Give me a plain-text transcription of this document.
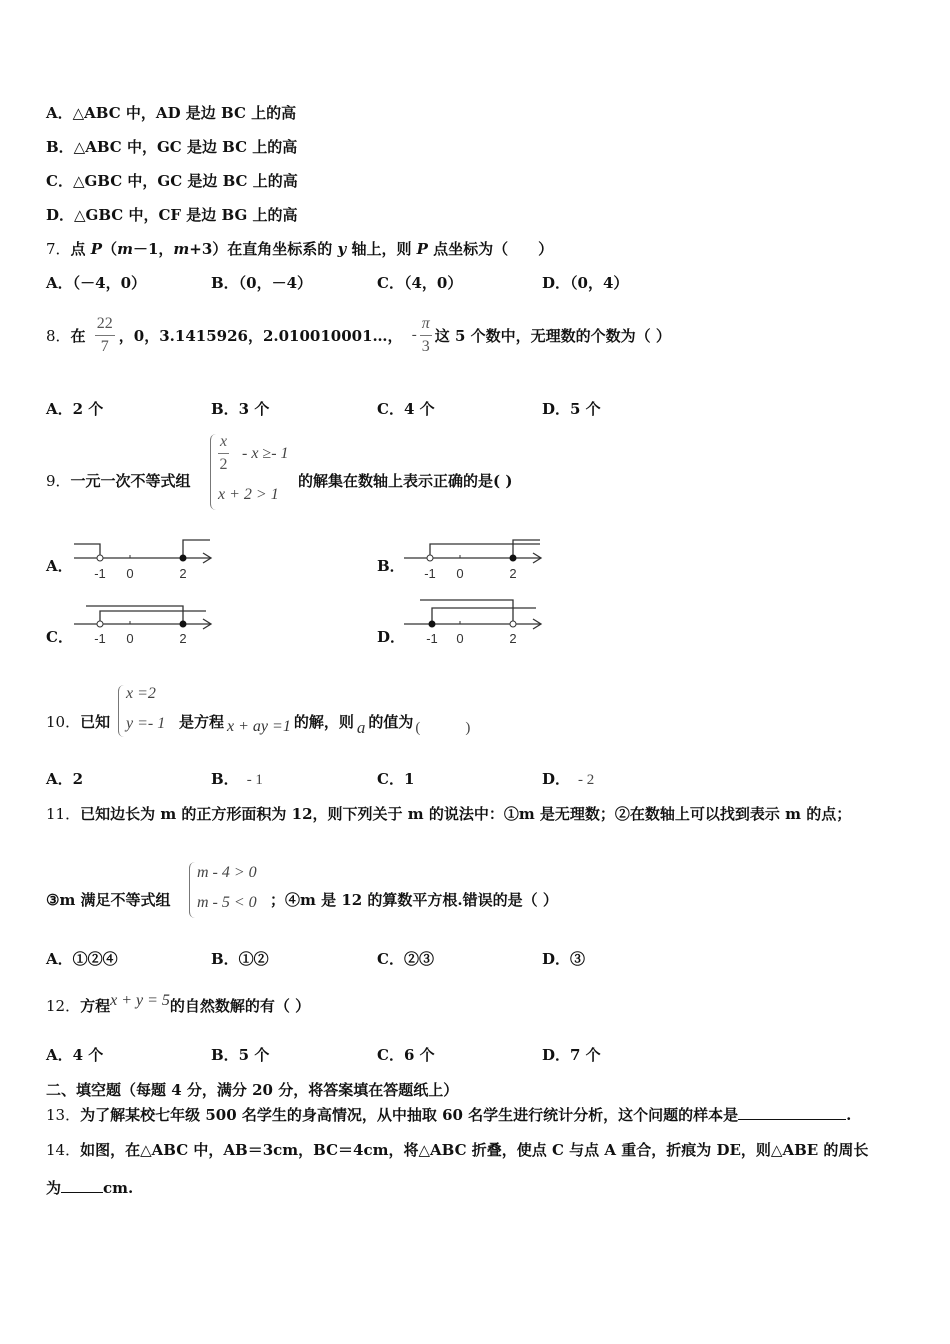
A．△ABC 中，AD 是边 BC 上的高
B．△ABC 中，GC 是边 BC 上的高
C．△GBC 中，GC 是边 BC 上的高
D．△GBC 中，CF 是边 BG 上的高
7．点 P（m－1，m+3）在直角坐标系的 y 轴上，则 P 点坐标为（　　）
A．（－4，0）	B．（0，－4）	C．（4，0）	D．（0，4）
8．在 $\frac{22}{7}$ ，0，3.1415926，2.010010001…， - $\frac{\pi}{3}$ 这 5 个数中，无理数的个数为（ ）
A．2 个	B．3 个	C．4 个	D．5 个
9．一元一次不等式组
$\frac{x}{2} - x \ge- 1$
x + 2 > 1
的解集在数轴上表示正确的是( )
A．	B．
C．	D．
-1 0	2	-1 0	2
-1 0	2	-1 0	2
10．已知
x =2
y =- 1 是方程 x + ay =1 的解，则 a 的值为 (　　　)
A．2	B． - 1	C．1	D． - 2
11．已知边长为 m 的正方形面积为 12，则下列关于 m 的说法中：①m 是无理数；②在数轴上可以找到表示 m 的点；
③m 满足不等式组
m - 4 > 0
m - 5 < 0 ；④m 是 12 的算数平方根.错误的是（ ）
A．①②④	B．①②	C．②③	D．③
12．方程x + y = 5的自然数解的有（ ）
A．4 个	B．5 个	C．6 个	D．7 个
二、填空题（每题 4 分，满分 20 分，将答案填在答题纸上）
13．为了解某校七年级 500 名学生的身高情况，从中抽取 60 名学生进行统计分析，这个问题的样本是	.
14．如图，在△ABC 中，AB＝3cm，BC＝4cm，将△ABC 折叠，使点 C 与点 A 重合，折痕为 DE，则△ABE 的周长
为	cm.
